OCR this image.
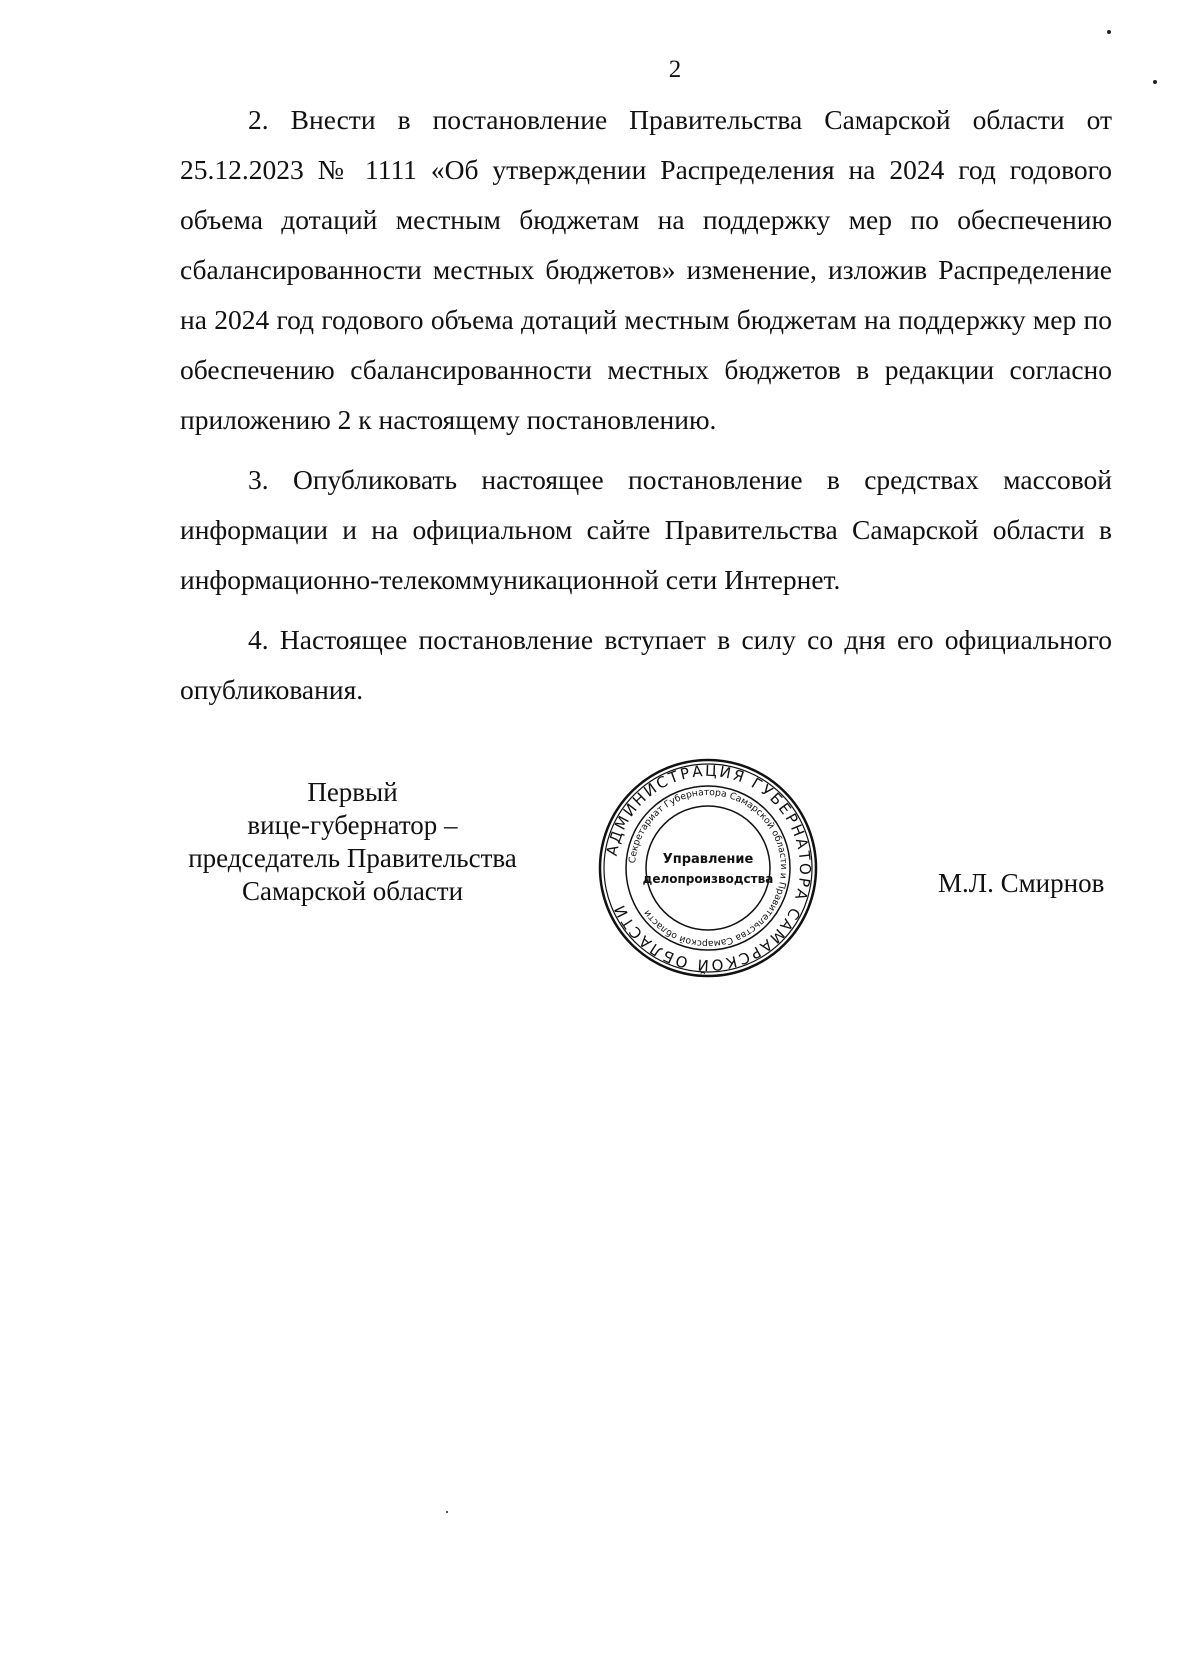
2

2. Внести в постановление Правительства Самарской области от 25.12.2023 № 1111 «Об утверждении Распределения на 2024 год годового объема дотаций местным бюджетам на поддержку мер по обеспечению сбалансированности местных бюджетов» изменение, изложив Распределение на 2024 год годового объема дотаций местным бюджетам на поддержку мер по обеспечению сбалансированности местных бюджетов в редакции согласно приложению 2 к настоящему постановлению.

3. Опубликовать настоящее постановление в средствах массовой информации и на официальном сайте Правительства Самарской области в информационно-телекоммуникационной сети Интернет.

4. Настоящее постановление вступает в силу со дня его официального опубликования.

Первый
вице-губернатор –
председатель Правительства
Самарской области
АДМИНИСТРАЦИЯ ГУБЕРНАТОРА САМАРСКОЙ ОБЛАСТИ
Секретариат Губернатора Самарской области и Правительства Самарской области
Управление
делопроизводства	М.Л. Смирнов
